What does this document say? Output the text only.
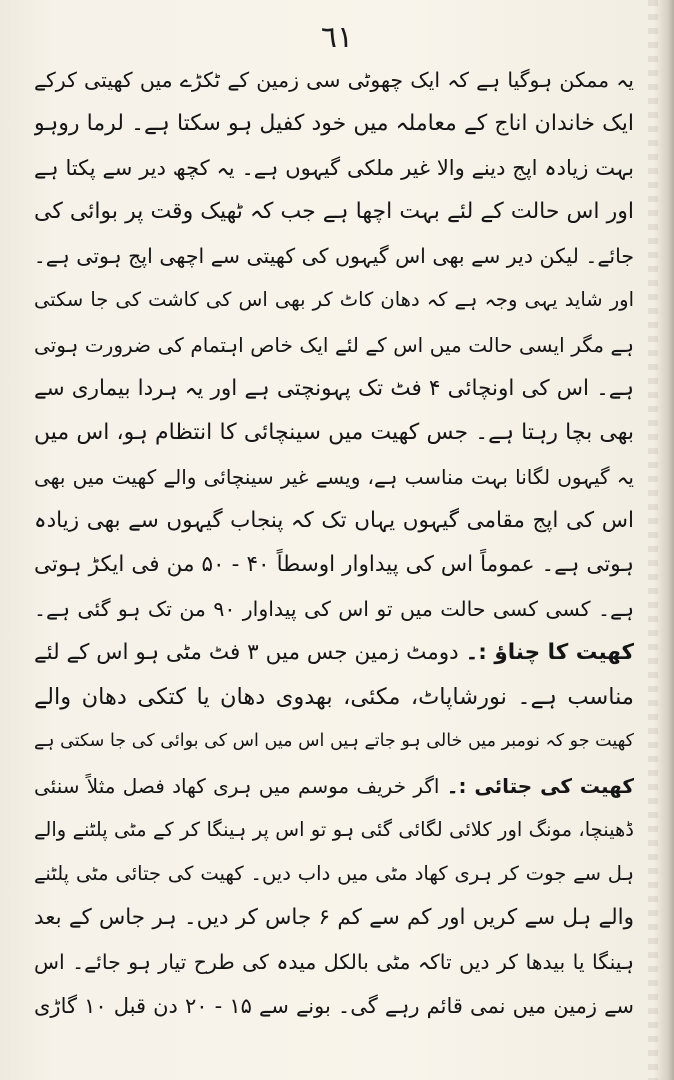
٦١

یہ ممکن ہوگیا ہے کہ ایک چھوٹی سی زمین کے ٹکڑے میں کھیتی کرکے

ایک خاندان اناج کے معاملہ میں خود کفیل ہو سکتا ہے۔ لرما روہو

بہت زیادہ اپج دینے والا غیر ملکی گیہوں ہے۔ یہ کچھ دیر سے پکتا ہے

اور اس حالت کے لئے بہت اچھا ہے جب کہ ٹھیک وقت پر بوائی کی

جائے۔ لیکن دیر سے بھی اس گیہوں کی کھیتی سے اچھی اپج ہوتی ہے۔

اور شاید یہی وجہ ہے کہ دھان کاٹ کر بھی اس کی کاشت کی جا سکتی

ہے مگر ایسی حالت میں اس کے لئے ایک خاص اہتمام کی ضرورت ہوتی

ہے۔ اس کی اونچائی ۴ فٹ تک پہونچتی ہے اور یہ ہردا بیماری سے

بھی بچا رہتا ہے۔ جس کھیت میں سینچائی کا انتظام ہو، اس میں

یہ گیہوں لگانا بہت مناسب ہے، ویسے غیر سینچائی والے کھیت میں بھی

اس کی اپج مقامی گیہوں یہاں تک کہ پنجاب گیہوں سے بھی زیادہ

ہوتی ہے۔ عموماً اس کی پیداوار اوسطاً ۴۰ - ۵۰ من فی ایکڑ ہوتی

ہے۔ کسی کسی حالت میں تو اس کی پیداوار ۹۰ من تک ہو گئی ہے۔

کھیت کا چناؤ :۔ دومٹ زمین جس میں ۳ فٹ مٹی ہو اس کے لئے

مناسب ہے۔ نورشاپاٹ، مکئی، بھدوی دھان یا کتکی دھان والے

کھیت جو کہ نومبر میں خالی ہو جاتے ہیں اس میں اس کی بوائی کی جا سکتی ہے

کھیت کی جتائی :۔ اگر خریف موسم میں ہری کھاد فصل مثلاً سنئی

ڈھینچا، مونگ اور کلائی لگائی گئی ہو تو اس پر ہینگا کر کے مٹی پلٹنے والے

ہل سے جوت کر ہری کھاد مٹی میں داب دیں۔ کھیت کی جتائی مٹی پلٹنے

والے ہل سے کریں اور کم سے کم ۶ جاس کر دیں۔ ہر جاس کے بعد

ہینگا یا بیدھا کر دیں تاکہ مٹی بالکل میدہ کی طرح تیار ہو جائے۔ اس

سے زمین میں نمی قائم رہے گی۔ بونے سے ۱۵ - ۲۰ دن قبل ۱۰ گاڑی
